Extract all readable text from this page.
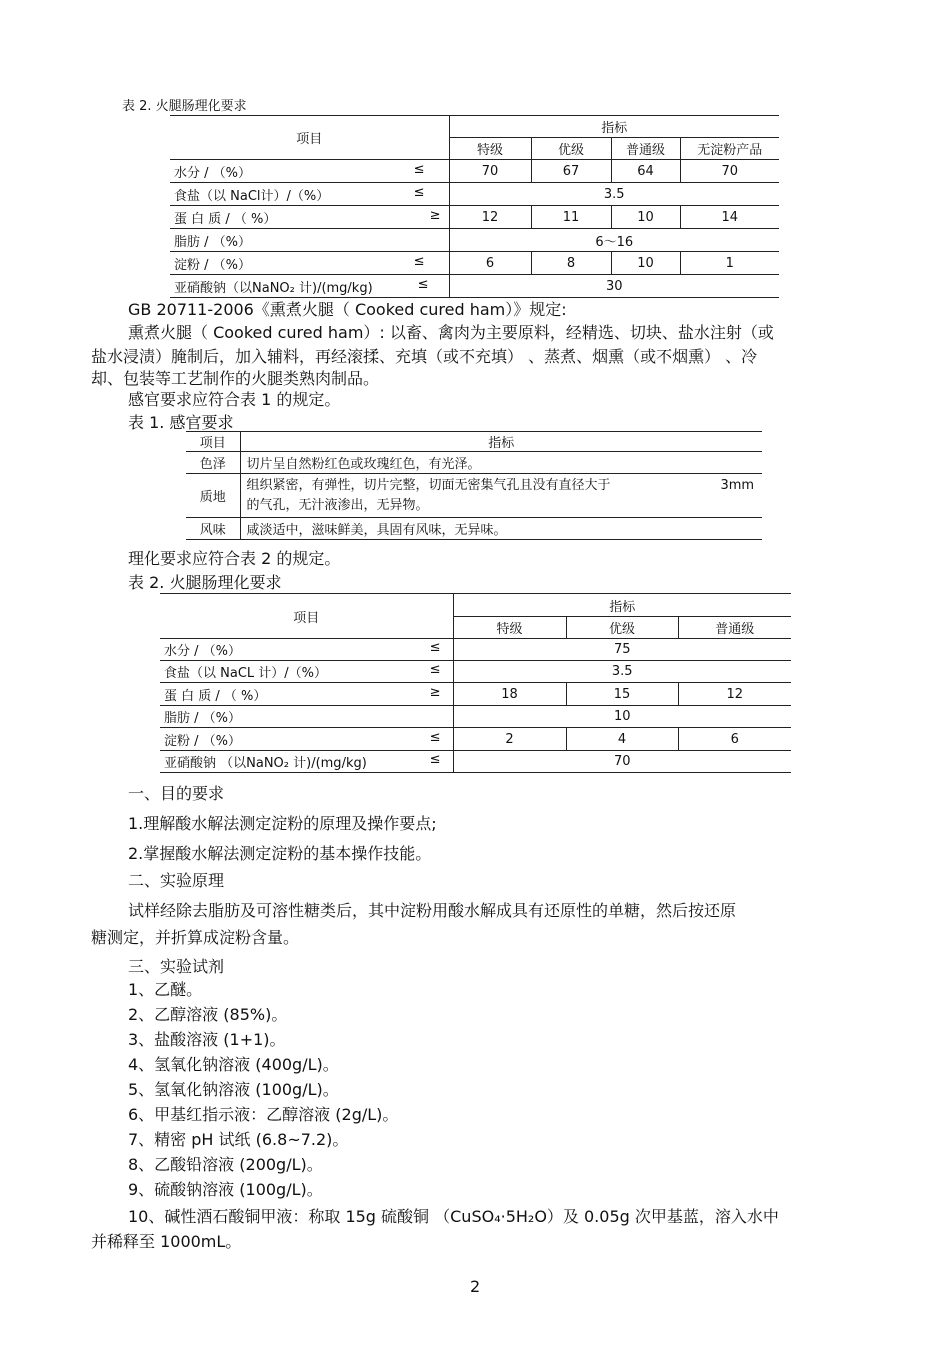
表 2. 火腿肠理化要求
项目	指标			
	特级	优级	普通级	无淀粉产品
水分 / （%） ≤	70	67	64	70
食盐（以 NaCl计）/（%） ≤	3.5			
蛋 白 质 / （ %） ≥	12	11	10	14
脂肪 / （%）	6～16			
淀粉 / （%） ≤	6	8	10	1
亚硝酸钠（以NaNO₂ 计)/(mg/kg) ≤	30			
GB 20711-2006《熏煮火腿（ Cooked cured ham）》规定:
熏煮火腿（ Cooked cured ham）: 以畜、禽肉为主要原料，经精选、切块、盐水注射（或
盐水浸渍）腌制后，加入辅料，再经滚揉、充填（或不充填） 、蒸煮、烟熏（或不烟熏） 、冷
却、包装等工艺制作的火腿类熟肉制品。
感官要求应符合表 1 的规定。
表 1. 感官要求
项目	指标
色泽	切片呈自然粉红色或玫瑰红色，有光泽。
质地	组织紧密，有弹性，切片完整，切面无密集气孔且没有直径大于 3mm
的气孔，无汁液渗出，无异物。

风味	咸淡适中，滋味鲜美，具固有风味，无异味。
理化要求应符合表 2 的规定。
表 2. 火腿肠理化要求
项目	指标		
	特级	优级	普通级
水分 / （%） ≤	75		
食盐（以 NaCL 计）/（%） ≤	3.5		
蛋 白 质 / （ %） ≥	18	15	12
脂肪 / （%）	10		
淀粉 / （%） ≤	2	4	6
亚硝酸钠 （以NaNO₂ 计)/(mg/kg) ≤	70		
一、目的要求
1.理解酸水解法测定淀粉的原理及操作要点;
2.掌握酸水解法测定淀粉的基本操作技能。
二、实验原理
试样经除去脂肪及可溶性糖类后，其中淀粉用酸水解成具有还原性的单糖，然后按还原
糖测定，并折算成淀粉含量。
三、实验试剂
1、乙醚。
2、乙醇溶液 (85%)。
3、盐酸溶液 (1+1)。
4、氢氧化钠溶液 (400g/L)。
5、氢氧化钠溶液 (100g/L)。
6、甲基红指示液：乙醇溶液 (2g/L)。
7、精密 pH 试纸 (6.8~7.2)。
8、乙酸铅溶液 (200g/L)。
9、硫酸钠溶液 (100g/L)。
10、碱性酒石酸铜甲液：称取 15g 硫酸铜 （CuSO₄·5H₂O）及 0.05g 次甲基蓝，溶入水中
并稀释至 1000mL。
2
